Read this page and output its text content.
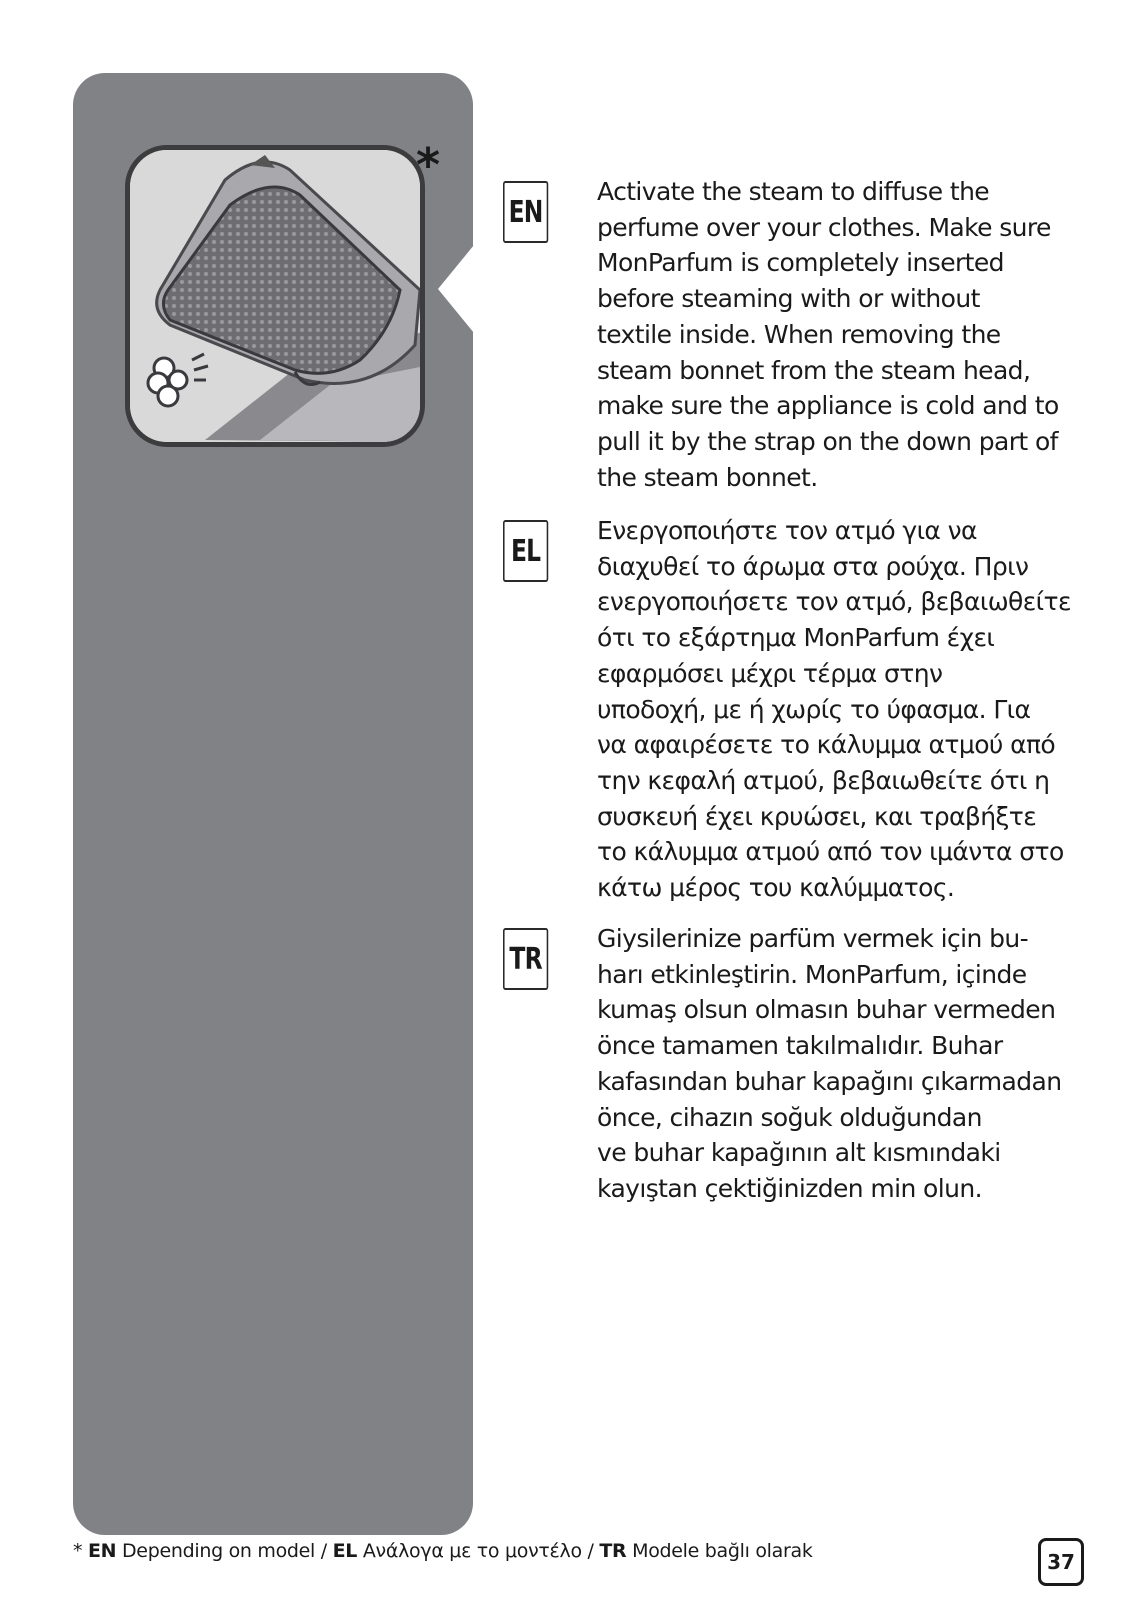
*
EN
Activate the steam to diffuse the
perfume over your clothes. Make sure
MonParfum is completely inserted
before steaming with or without
textile inside. When removing the
steam bonnet from the steam head,
make sure the appliance is cold and to
pull it by the strap on the down part of
the steam bonnet.
EL
Ενεργοποιήστε τον ατμό για να
διαχυθεί το άρωμα στα ρούχα. Πριν
ενεργοποιήσετε τον ατμό, βεβαιωθείτε
ότι το εξάρτημα MonParfum έχει
εφαρμόσει μέχρι τέρμα στην
υποδοχή, με ή χωρίς το ύφασμα. Για
να αφαιρέσετε το κάλυμμα ατμού από
την κεφαλή ατμού, βεβαιωθείτε ότι η
συσκευή έχει κρυώσει, και τραβήξτε
το κάλυμμα ατμού από τον ιμάντα στο
κάτω μέρος του καλύμματος.
TR
Giysilerinize parfüm vermek için bu-
harı etkinleştirin. MonParfum, içinde
kumaş olsun olmasın buhar vermeden
önce tamamen takılmalıdır. Buhar
kafasından buhar kapağını çıkarmadan
önce, cihazın soğuk olduğundan
ve buhar kapağının alt kısmındaki
kayıştan çektiğinizden min olun.
* EN Depending on model / EL Ανάλογα με το μοντέλο / TR Modele bağlı olarak	37
